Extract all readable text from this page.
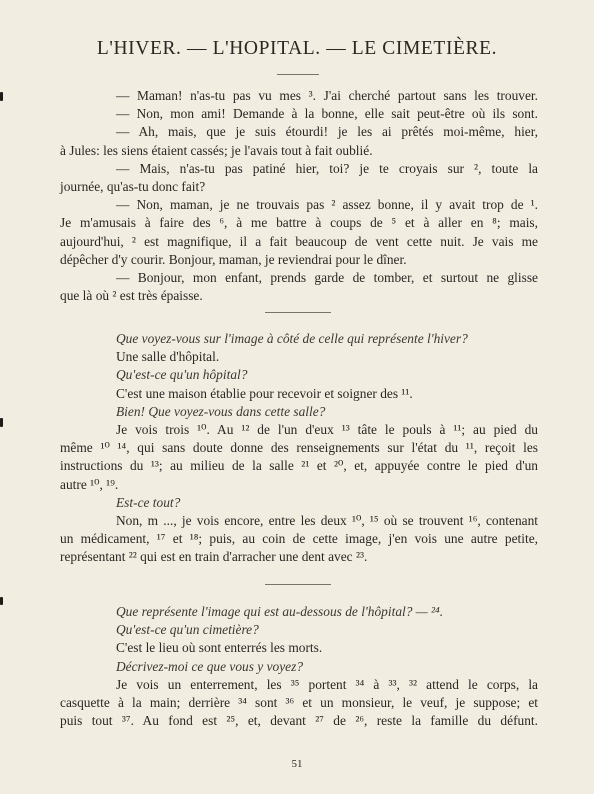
L'HIVER. — L'HOPITAL. — LE CIMETIÈRE.
— Maman! n'as-tu pas vu mes ³. J'ai cherché partout sans les trouver.
— Non, mon ami! Demande à la bonne, elle sait peut-être où ils sont.
— Ah, mais, que je suis étourdi! je les ai prêtés moi-même, hier,
à Jules: les siens étaient cassés; je l'avais tout à fait oublié.
— Mais, n'as-tu pas patiné hier, toi? je te croyais sur ², toute la
journée, qu'as-tu donc fait?
— Non, maman, je ne trouvais pas ² assez bonne, il y avait trop de ¹.
Je m'amusais à faire des ⁶, à me battre à coups de ⁵ et à aller en ⁸; mais,
aujourd'hui, ² est magnifique, il a fait beaucoup de vent cette nuit. Je vais me
dépêcher d'y courir. Bonjour, maman, je reviendrai pour le dîner.
— Bonjour, mon enfant, prends garde de tomber, et surtout ne glisse
que là où ² est très épaisse.
Que voyez-vous sur l'image à côté de celle qui représente l'hiver?
Une salle d'hôpital.
Qu'est-ce qu'un hôpital?
C'est une maison établie pour recevoir et soigner des ¹¹.
Bien! Que voyez-vous dans cette salle?
Je vois trois ¹⁰. Au ¹² de l'un d'eux ¹³ tâte le pouls à ¹¹; au pied du
même ¹⁰ ¹⁴, qui sans doute donne des renseignements sur l'état du ¹¹, reçoit les
instructions du ¹³; au milieu de la salle ²¹ et ²⁰, et, appuyée contre le pied d'un
autre ¹⁰, ¹⁹.
Est-ce tout?
Non, m ..., je vois encore, entre les deux ¹⁰, ¹⁵ où se trouvent ¹⁶, contenant
un médicament, ¹⁷ et ¹⁸; puis, au coin de cette image, j'en vois une autre petite,
représentant ²² qui est en train d'arracher une dent avec ²³.
Que représente l'image qui est au-dessous de l'hôpital? — ²⁴.
Qu'est-ce qu'un cimetière?
C'est le lieu où sont enterrés les morts.
Décrivez-moi ce que vous y voyez?
Je vois un enterrement, les ³⁵ portent ³⁴ à ³³, ³² attend le corps, la
casquette à la main; derrière ³⁴ sont ³⁶ et un monsieur, le veuf, je suppose; et
puis tout ³⁷. Au fond est ²⁵, et, devant ²⁷ de ²⁶, reste la famille du défunt.
51
